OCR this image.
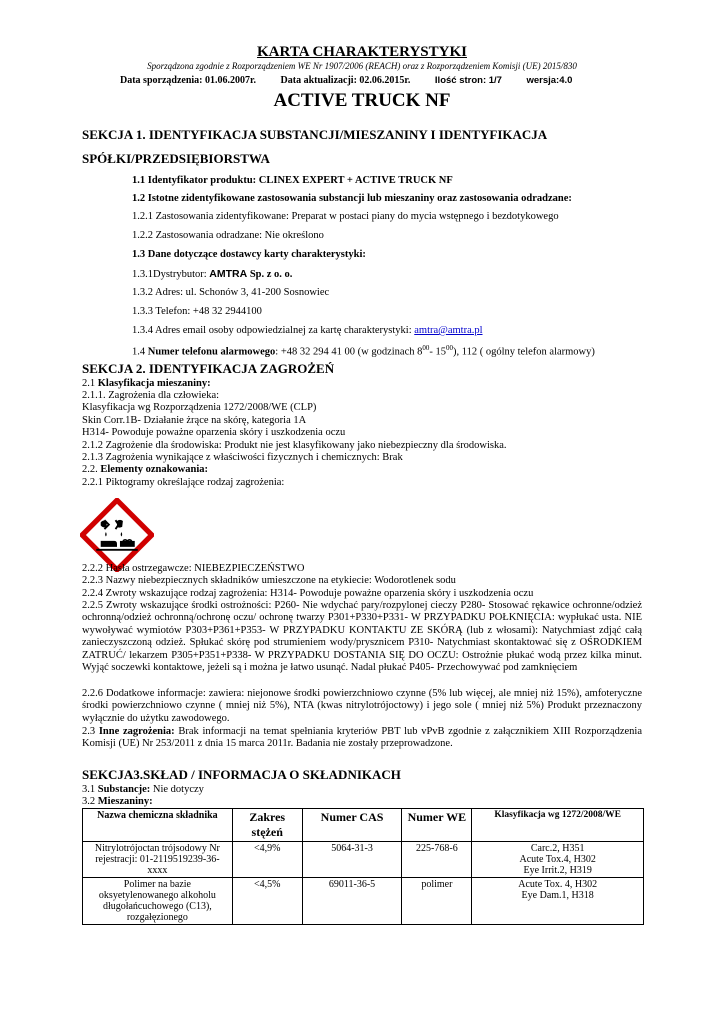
KARTA CHARAKTERYSTYKI
Sporządzona zgodnie z Rozporządzeniem WE Nr 1907/2006 (REACH) oraz z Rozporządzeniem Komisji (UE) 2015/830
Data sporządzenia: 01.06.2007r. Data aktualizacji: 02.06.2015r.	Ilość stron: 1/7	wersja:4.0
ACTIVE TRUCK NF
SEKCJA 1. IDENTYFIKACJA SUBSTANCJI/MIESZANINY I IDENTYFIKACJA
SPÓŁKI/PRZEDSIĘBIORSTWA
1.1 Identyfikator produktu: CLINEX EXPERT + ACTIVE TRUCK NF
1.2 Istotne zidentyfikowane zastosowania substancji lub mieszaniny oraz zastosowania odradzane:
1.2.1 Zastosowania zidentyfikowane: Preparat w postaci piany do mycia wstępnego i bezdotykowego
1.2.2 Zastosowania odradzane: Nie określono
1.3 Dane dotyczące dostawcy karty charakterystyki:
1.3.1Dystrybutor: AMTRA Sp. z o. o.
1.3.2 Adres: ul. Schonów 3, 41-200 Sosnowiec
1.3.3 Telefon: +48 32 2944100
1.3.4 Adres email osoby odpowiedzialnej za kartę charakterystyki: amtra@amtra.pl
1.4 Numer telefonu alarmowego: +48 32 294 41 00 (w godzinach $8^{00}-$ $15^{00}$), 112 ( ogólny telefon alarmowy)
SEKCJA 2. IDENTYFIKACJA ZAGROŻEŃ
2.1 Klasyfikacja mieszaniny:
2.1.1. Zagrożenia dla człowieka:
Klasyfikacja wg Rozporządzenia 1272/2008/WE (CLP)
Skin Corr.1B- Działanie żrące na skórę, kategoria 1A
H314- Powoduje poważne oparzenia skóry i uszkodzenia oczu
2.1.2 Zagrożenie dla środowiska: Produkt nie jest klasyfikowany jako niebezpieczny dla środowiska.
2.1.3 Zagrożenia wynikające z właściwości fizycznych i chemicznych: Brak
2.2. Elementy oznakowania:
2.2.1 Piktogramy określające rodzaj zagrożenia:
2.2.2 Hasła ostrzegawcze: NIEBEZPIECZEŃSTWO
2.2.3 Nazwy niebezpiecznych składników umieszczone na etykiecie: Wodorotlenek sodu
2.2.4 Zwroty wskazujące rodzaj zagrożenia: H314- Powoduje poważne oparzenia skóry i uszkodzenia oczu
2.2.5 Zwroty wskazujące środki ostrożności: P260- Nie wdychać pary/rozpylonej cieczy P280- Stosować rękawice ochronne/odzież ochronną/odzież ochronną/ochronę oczu/ ochronę twarzy P301+P330+P331- W PRZYPADKU POŁKNIĘCIA: wypłukać usta. NIE wywoływać wymiotów P303+P361+P353- W PRZYPADKU KONTAKTU ZE SKÓRĄ (lub z włosami): Natychmiast zdjąć całą zanieczyszczoną odzież. Spłukać skórę pod strumieniem wody/prysznicem P310- Natychmiast skontaktować się z OŚRODKIEM ZATRUĆ/ lekarzem P305+P351+P338- W PRZYPADKU DOSTANIA SIĘ DO OCZU: Ostrożnie płukać wodą przez kilka minut. Wyjąć soczewki kontaktowe, jeżeli są i można je łatwo usunąć. Nadal płukać P405- Przechowywać pod zamknięciem
2.2.6 Dodatkowe informacje: zawiera: niejonowe środki powierzchniowo czynne (5% lub więcej, ale mniej niż 15%), amfoteryczne środki powierzchniowo czynne ( mniej niż 5%), NTA (kwas nitrylotrójoctowy) i jego sole ( mniej niż 5%) Produkt przeznaczony wyłącznie do użytku zawodowego.
2.3 Inne zagrożenia: Brak informacji na temat spełniania kryteriów PBT lub vPvB zgodnie z załącznikiem XIII Rozporządzenia Komisji (UE) Nr 253/2011 z dnia 15 marca 2011r. Badania nie zostały przeprowadzone.
SEKCJA3.SKŁAD / INFORMACJA O SKŁADNIKACH
3.1 Substancje: Nie dotyczy
3.2 Mieszaniny:
Nazwa chemiczna składnika	Zakres stężeń	Numer CAS	Numer WE	Klasyfikacja wg 1272/2008/WE
Nitrylotrójoctan trójsodowy Nr rejestracji: 01-2119519239-36-xxxx	<4,9%	5064-31-3	225-768-6	Carc.2, H351
Acute Tox.4, H302
Eye Irrit.2, H319

Polimer na bazie oksyetylenowanego alkoholu długołańcuchowego (C13), rozgałęzionego	<4,5%	69011-36-5	polimer	Acute Tox. 4, H302
Eye Dam.1, H318
